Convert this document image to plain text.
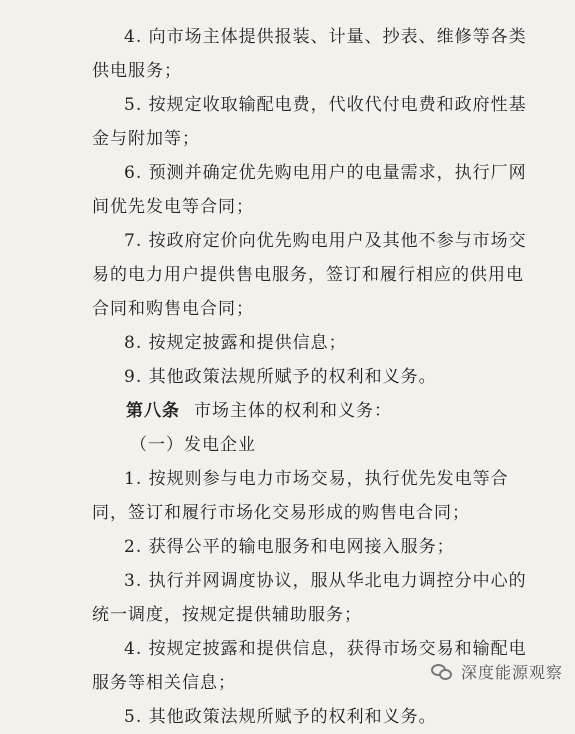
4. 向市场主体提供报装、计量、抄表、维修等各类供电服务；

5. 按规定收取输配电费，代收代付电费和政府性基金与附加等；

6. 预测并确定优先购电用户的电量需求，执行厂网间优先发电等合同；

7. 按政府定价向优先购电用户及其他不参与市场交易的电力用户提供售电服务，签订和履行相应的供用电合同和购售电合同；

8. 按规定披露和提供信息；

9. 其他政策法规所赋予的权利和义务。

第八条 市场主体的权利和义务：

（一）发电企业

1. 按规则参与电力市场交易，执行优先发电等合同，签订和履行市场化交易形成的购售电合同；

2. 获得公平的输电服务和电网接入服务；

3. 执行并网调度协议，服从华北电力调控分中心的统一调度，按规定提供辅助服务；

4. 按规定披露和提供信息，获得市场交易和输配电服务等相关信息；

5. 其他政策法规所赋予的权利和义务。

深度能源观察
